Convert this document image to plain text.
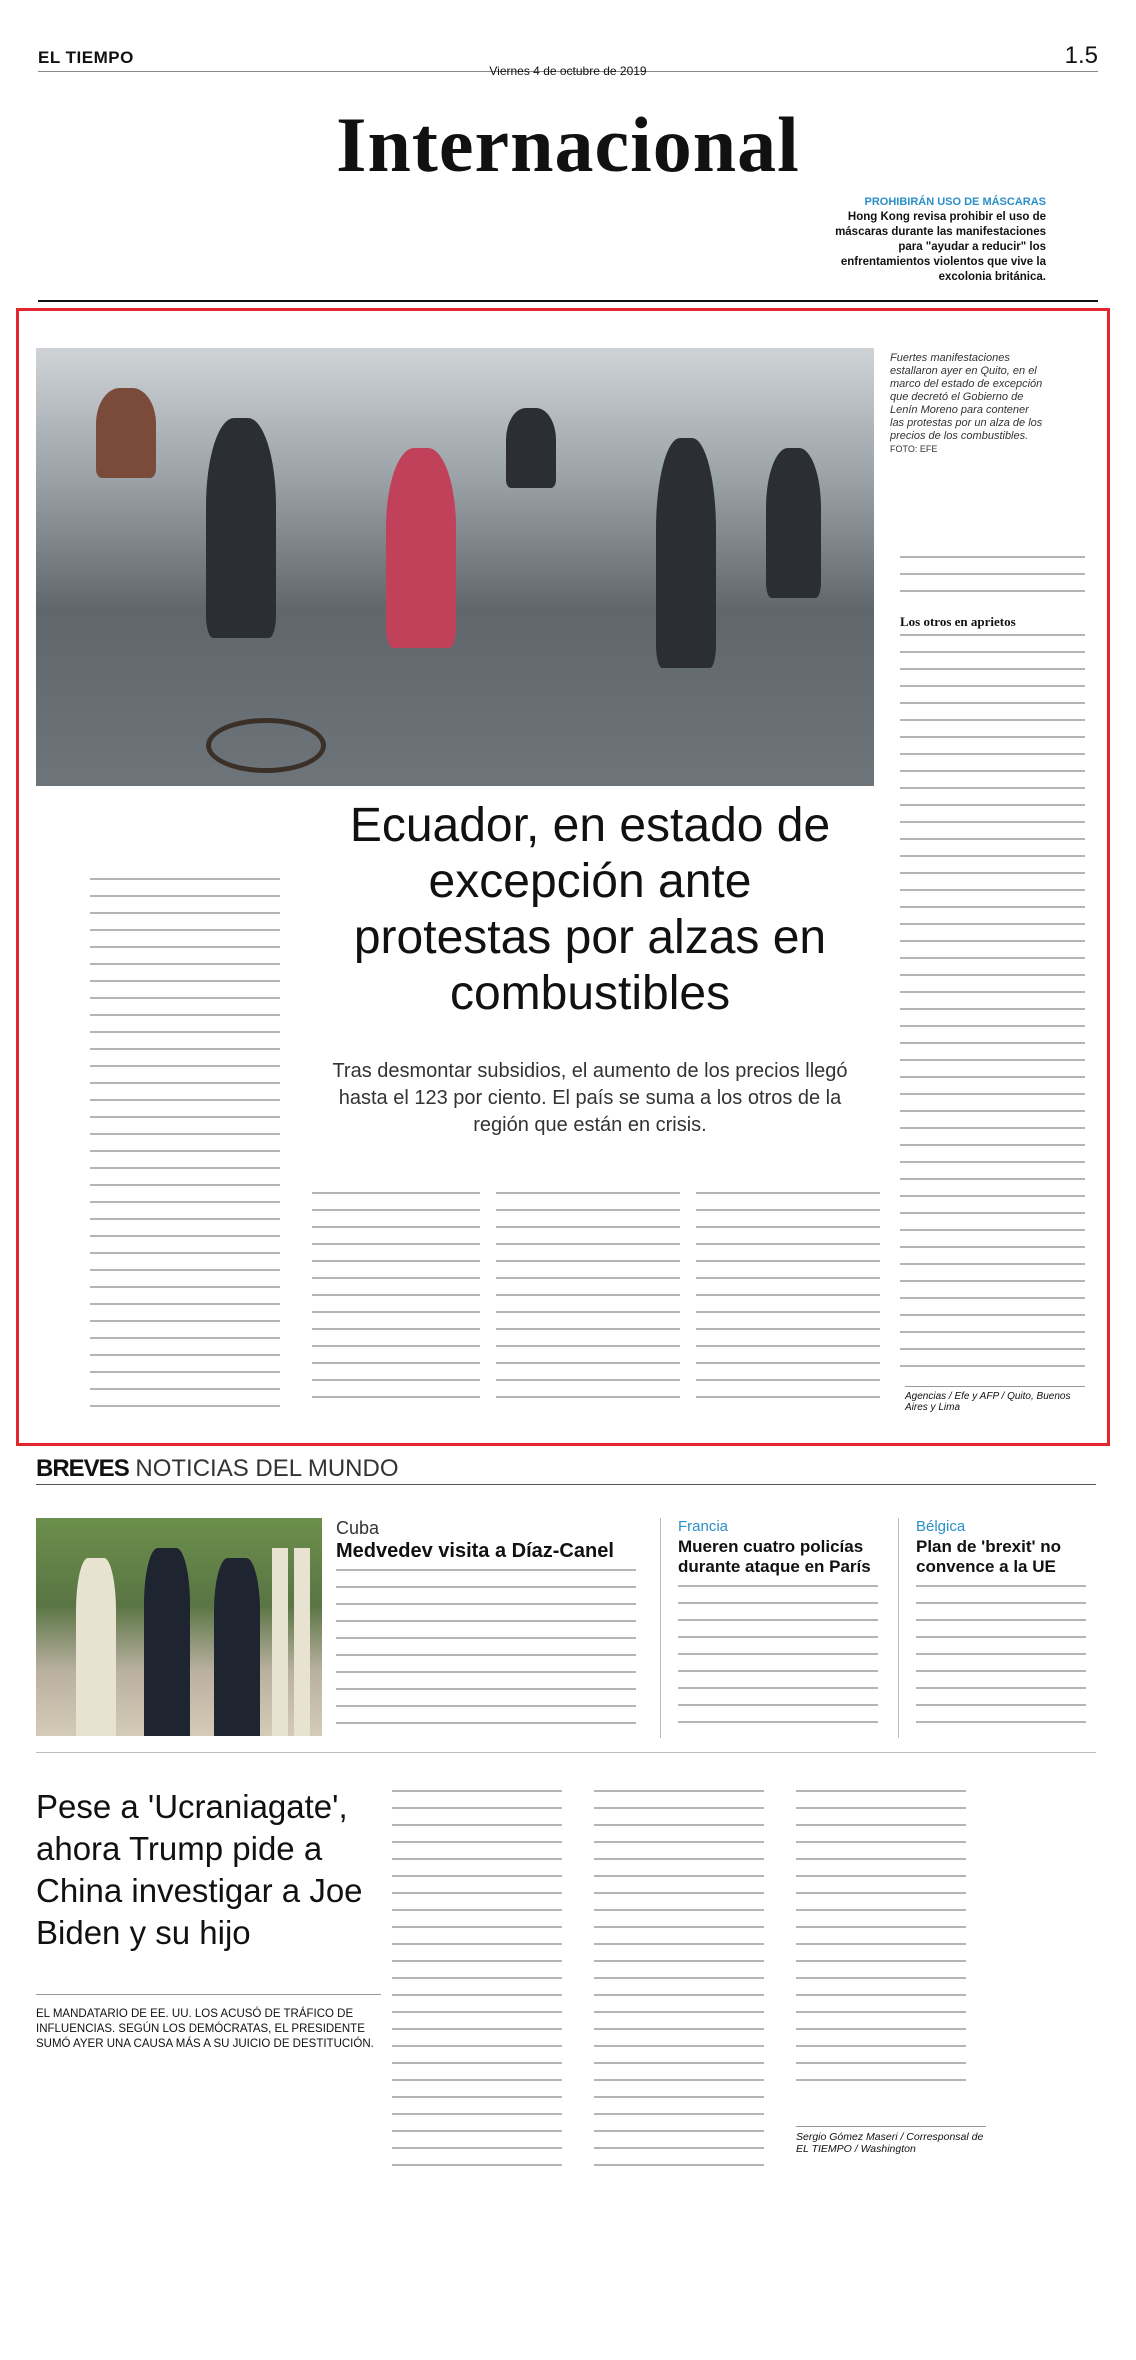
EL TIEMPO
Viernes 4 de octubre de 2019
1.5
Internacional
PROHIBIRÁN USO DE MÁSCARAS
Hong Kong revisa prohibir el uso de máscaras durante las manifestaciones para "ayudar a reducir" los enfrentamientos violentos que vive la excolonia británica.
Fuertes manifestaciones estallaron ayer en Quito, en el marco del estado de excepción que decretó el Gobierno de Lenín Moreno para contener las protestas por un alza de los precios de los combustibles. FOTO: EFE
Ecuador, en estado de excepción ante protestas por alzas en combustibles
Tras desmontar subsidios, el aumento de los precios llegó hasta el 123 por ciento. El país se suma a los otros de la región que están en crisis.
Los otros en aprietos
Agencias / Efe y AFP / Quito, Buenos Aires y Lima
BREVES NOTICIAS DEL MUNDO
Cuba
Medvedev visita a Díaz-Canel
Francia
Mueren cuatro policías durante ataque en París
Bélgica
Plan de 'brexit' no convence a la UE
Pese a 'Ucraniagate', ahora Trump pide a China investigar a Joe Biden y su hijo
EL MANDATARIO DE EE. UU. LOS ACUSÓ DE TRÁFICO DE INFLUENCIAS. SEGÚN LOS DEMÓCRATAS, EL PRESIDENTE SUMÓ AYER UNA CAUSA MÁS A SU JUICIO DE DESTITUCIÓN.
Sergio Gómez Maseri / Corresponsal de EL TIEMPO / Washington
